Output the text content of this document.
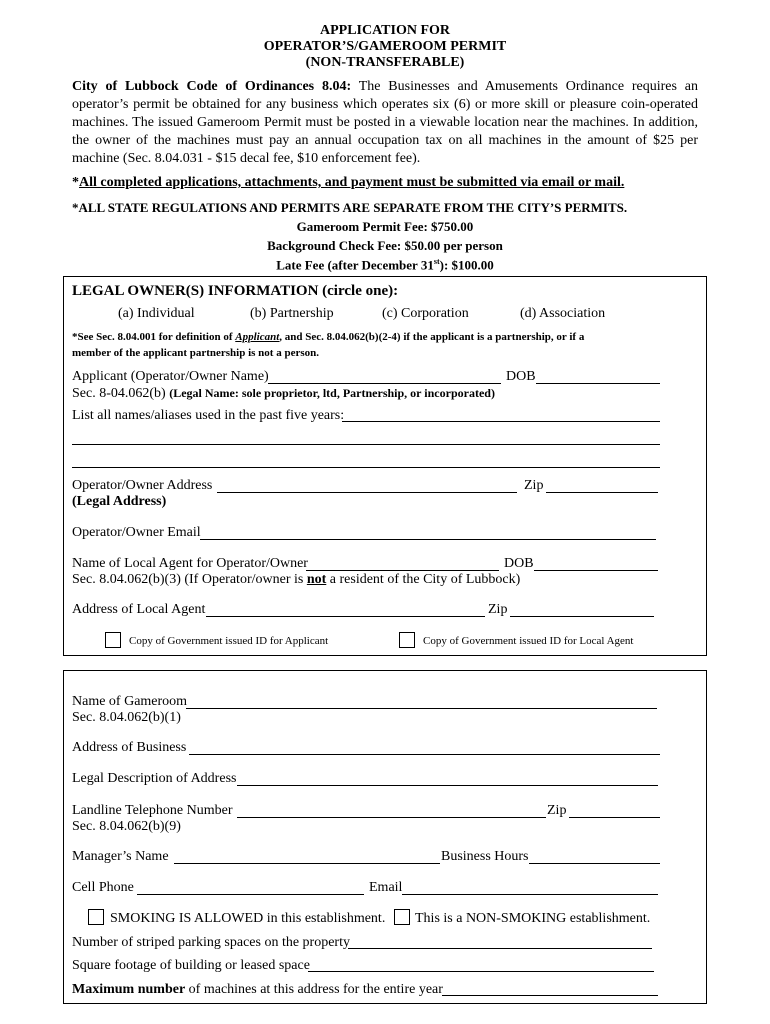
APPLICATION FOR
OPERATOR’S/GAMEROOM PERMIT
(NON-TRANSFERABLE)
City of Lubbock Code of Ordinances 8.04: The Businesses and Amusements Ordinance requires an operator’s permit be obtained for any business which operates six (6) or more skill or pleasure coin-operated machines. The issued Gameroom Permit must be posted in a viewable location near the machines. In addition, the owner of the machines must pay an annual occupation tax on all machines in the amount of $25 per machine (Sec. 8.04.031 - $15 decal fee, $10 enforcement fee).
*All completed applications, attachments, and payment must be submitted via email or mail.
*ALL STATE REGULATIONS AND PERMITS ARE SEPARATE FROM THE CITY’S PERMITS.
Gameroom Permit Fee: $750.00
Background Check Fee: $50.00 per person
Late Fee (after December 31st): $100.00
LEGAL OWNER(S) INFORMATION (circle one):
(a) Individual	(b) Partnership	(c) Corporation	(d) Association
*See Sec. 8.04.001 for definition of Applicant, and Sec. 8.04.062(b)(2-4) if the applicant is a partnership, or if a
member of the applicant partnership is not a person.
Applicant (Operator/Owner Name)	DOB
Sec. 8-04.062(b) (Legal Name: sole proprietor, ltd, Partnership, or incorporated)
List all names/aliases used in the past five years:
Operator/Owner Address	Zip
(Legal Address)
Operator/Owner Email
Name of Local Agent for Operator/Owner	DOB
Sec. 8.04.062(b)(3) (If Operator/owner is not a resident of the City of Lubbock)
Address of Local Agent	Zip
Copy of Government issued ID for Applicant	Copy of Government issued ID for Local Agent
Name of Gameroom
Sec. 8.04.062(b)(1)
Address of Business
Legal Description of Address
Landline Telephone Number	Zip
Sec. 8.04.062(b)(9)
Manager’s Name	Business Hours
Cell Phone	Email
SMOKING IS ALLOWED in this establishment. This is a NON-SMOKING establishment.
Number of striped parking spaces on the property
Square footage of building or leased space
Maximum number of machines at this address for the entire year
